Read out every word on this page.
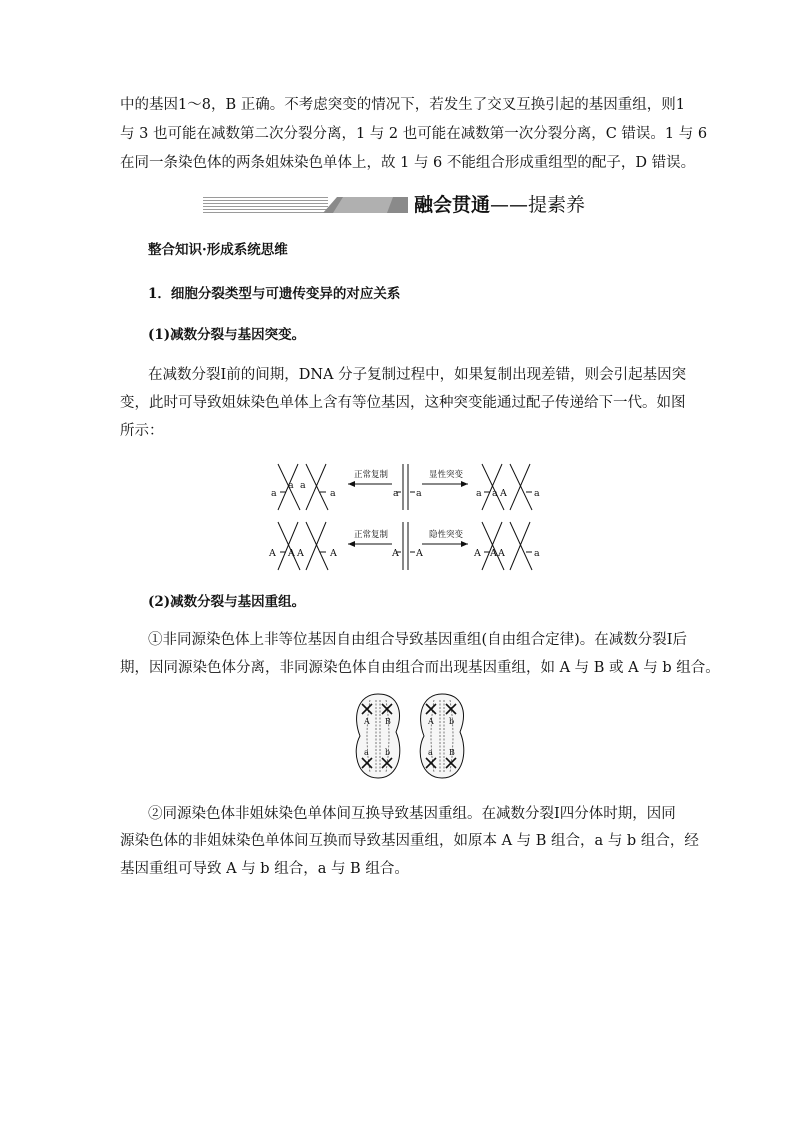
中的基因1～8，B 正确。不考虑突变的情况下，若发生了交叉互换引起的基因重组，则1
与 3 也可能在减数第二次分裂分离，1 与 2 也可能在减数第一次分裂分离，C 错误。1 与 6
在同一条染色体的两条姐妹染色单体上，故 1 与 6 不能组合形成重组型的配子，D 错误。
融会贯通——提素养
整合知识·形成系统思维
1．细胞分裂类型与可遗传变异的对应关系
(1)减数分裂与基因突变。
在减数分裂Ⅰ前的间期，DNA 分子复制过程中，如果复制出现差错，则会引起基因突
变，此时可导致姐妹染色单体上含有等位基因，这种突变能通过配子传递给下一代。如图
所示：
a
a a
a
正常复制
a a
显性突变
a a A	a
A A A	A
正常复制
A A
隐性突变
A A A	a
(2)减数分裂与基因重组。
①非同源染色体上非等位基因自由组合导致基因重组(自由组合定律)。在减数分裂Ⅰ后
期，因同源染色体分离，非同源染色体自由组合而出现基因重组，如 A 与 B 或 A 与 b 组合。
A B
a b
A b
a B
②同源染色体非姐妹染色单体间互换导致基因重组。在减数分裂Ⅰ四分体时期，因同
源染色体的非姐妹染色单体间互换而导致基因重组，如原本 A 与 B 组合，a 与 b 组合，经
基因重组可导致 A 与 b 组合，a 与 B 组合。
